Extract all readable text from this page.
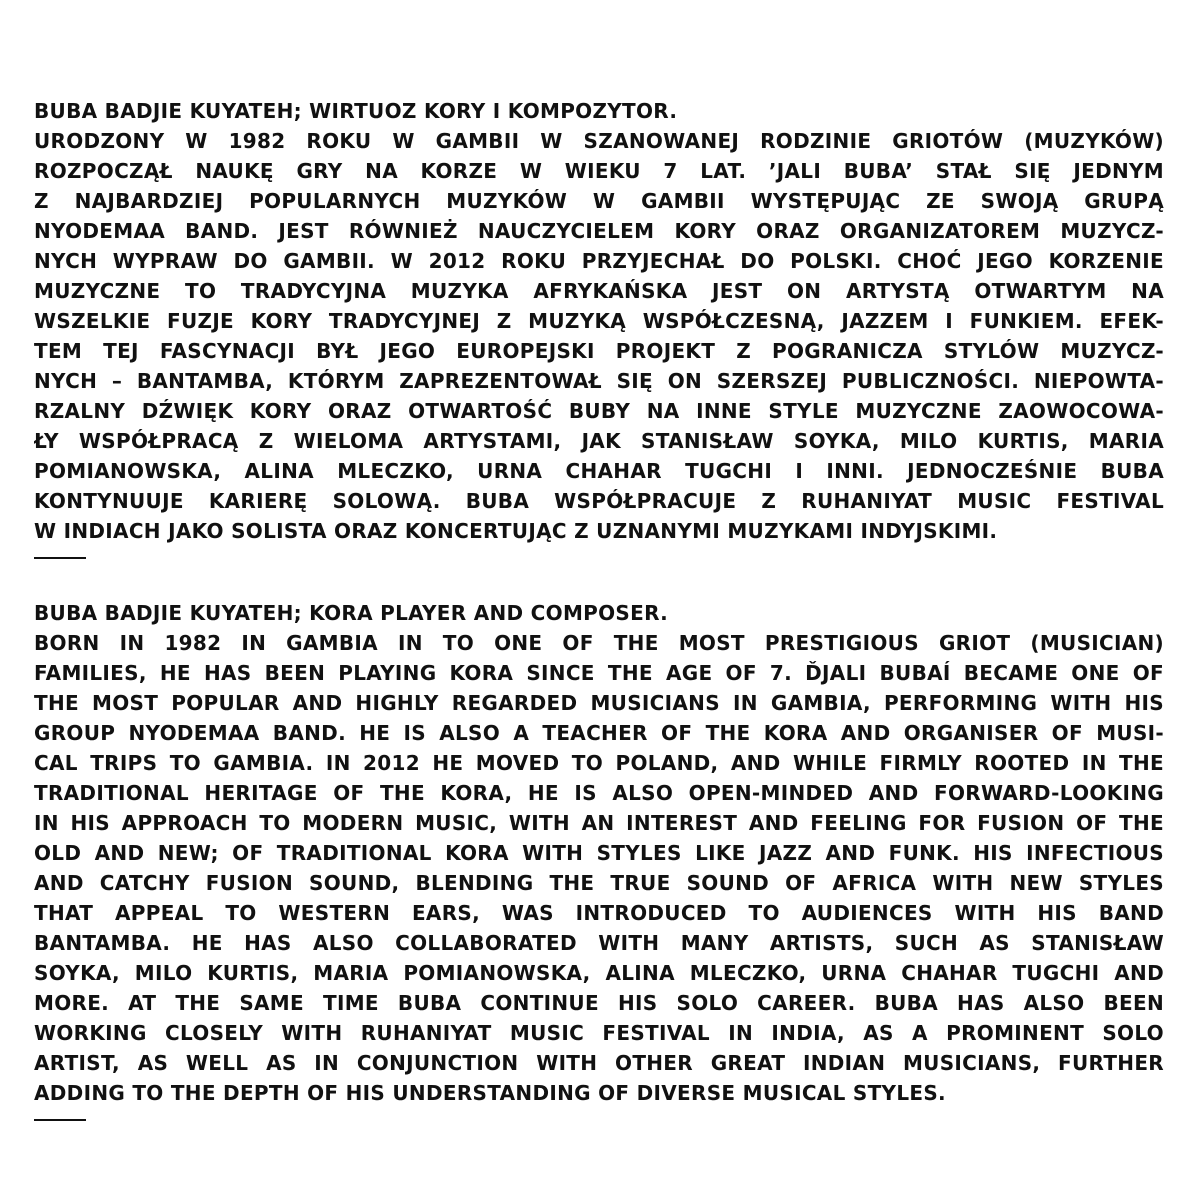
BUBA BADJIE KUYATEH; WIRTUOZ KORY I KOMPOZYTOR.
URODZONY W 1982 ROKU W GAMBII W SZANOWANEJ RODZINIE GRIOTÓW (MUZYKÓW)
ROZPOCZĄŁ NAUKĘ GRY NA KORZE W WIEKU 7 LAT. ’JALI BUBA’ STAŁ SIĘ JEDNYM
Z NAJBARDZIEJ POPULARNYCH MUZYKÓW W GAMBII WYSTĘPUJĄC ZE SWOJĄ GRUPĄ
NYODEMAA BAND. JEST RÓWNIEŻ NAUCZYCIELEM KORY ORAZ ORGANIZATOREM MUZYCZ-
NYCH WYPRAW DO GAMBII. W 2012 ROKU PRZYJECHAŁ DO POLSKI. CHOĆ JEGO KORZENIE
MUZYCZNE TO TRADYCYJNA MUZYKA AFRYKAŃSKA JEST ON ARTYSTĄ OTWARTYM NA
WSZELKIE FUZJE KORY TRADYCYJNEJ Z MUZYKĄ WSPÓŁCZESNĄ, JAZZEM I FUNKIEM. EFEK-
TEM TEJ FASCYNACJI BYŁ JEGO EUROPEJSKI PROJEKT Z POGRANICZA STYLÓW MUZYCZ-
NYCH – BANTAMBA, KTÓRYM ZAPREZENTOWAŁ SIĘ ON SZERSZEJ PUBLICZNOŚCI. NIEPOWTA-
RZALNY DŹWIĘK KORY ORAZ OTWARTOŚĆ BUBY NA INNE STYLE MUZYCZNE ZAOWOCOWA-
ŁY WSPÓŁPRACĄ Z WIELOMA ARTYSTAMI, JAK STANISŁAW SOYKA, MILO KURTIS, MARIA
POMIANOWSKA, ALINA MLECZKO, URNA CHAHAR TUGCHI I INNI. JEDNOCZEŚNIE BUBA
KONTYNUUJE KARIERĘ SOLOWĄ. BUBA WSPÓŁPRACUJE Z RUHANIYAT MUSIC FESTIVAL
W INDIACH JAKO SOLISTA ORAZ KONCERTUJĄC Z UZNANYMI MUZYKAMI INDYJSKIMI.
BUBA BADJIE KUYATEH; KORA PLAYER AND COMPOSER.
BORN IN 1982 IN GAMBIA IN TO ONE OF THE MOST PRESTIGIOUS GRIOT (MUSICIAN)
FAMILIES, HE HAS BEEN PLAYING KORA SINCE THE AGE OF 7. ĎJALI BUBAÍ BECAME ONE OF
THE MOST POPULAR AND HIGHLY REGARDED MUSICIANS IN GAMBIA, PERFORMING WITH HIS
GROUP NYODEMAA BAND. HE IS ALSO A TEACHER OF THE KORA AND ORGANISER OF MUSI-
CAL TRIPS TO GAMBIA. IN 2012 HE MOVED TO POLAND, AND WHILE FIRMLY ROOTED IN THE
TRADITIONAL HERITAGE OF THE KORA, HE IS ALSO OPEN-MINDED AND FORWARD-LOOKING
IN HIS APPROACH TO MODERN MUSIC, WITH AN INTEREST AND FEELING FOR FUSION OF THE
OLD AND NEW; OF TRADITIONAL KORA WITH STYLES LIKE JAZZ AND FUNK. HIS INFECTIOUS
AND CATCHY FUSION SOUND, BLENDING THE TRUE SOUND OF AFRICA WITH NEW STYLES
THAT APPEAL TO WESTERN EARS, WAS INTRODUCED TO AUDIENCES WITH HIS BAND
BANTAMBA. HE HAS ALSO COLLABORATED WITH MANY ARTISTS, SUCH AS STANISŁAW
SOYKA, MILO KURTIS, MARIA POMIANOWSKA, ALINA MLECZKO, URNA CHAHAR TUGCHI AND
MORE. AT THE SAME TIME BUBA CONTINUE HIS SOLO CAREER. BUBA HAS ALSO BEEN
WORKING CLOSELY WITH RUHANIYAT MUSIC FESTIVAL IN INDIA, AS A PROMINENT SOLO
ARTIST, AS WELL AS IN CONJUNCTION WITH OTHER GREAT INDIAN MUSICIANS, FURTHER
ADDING TO THE DEPTH OF HIS UNDERSTANDING OF DIVERSE MUSICAL STYLES.
